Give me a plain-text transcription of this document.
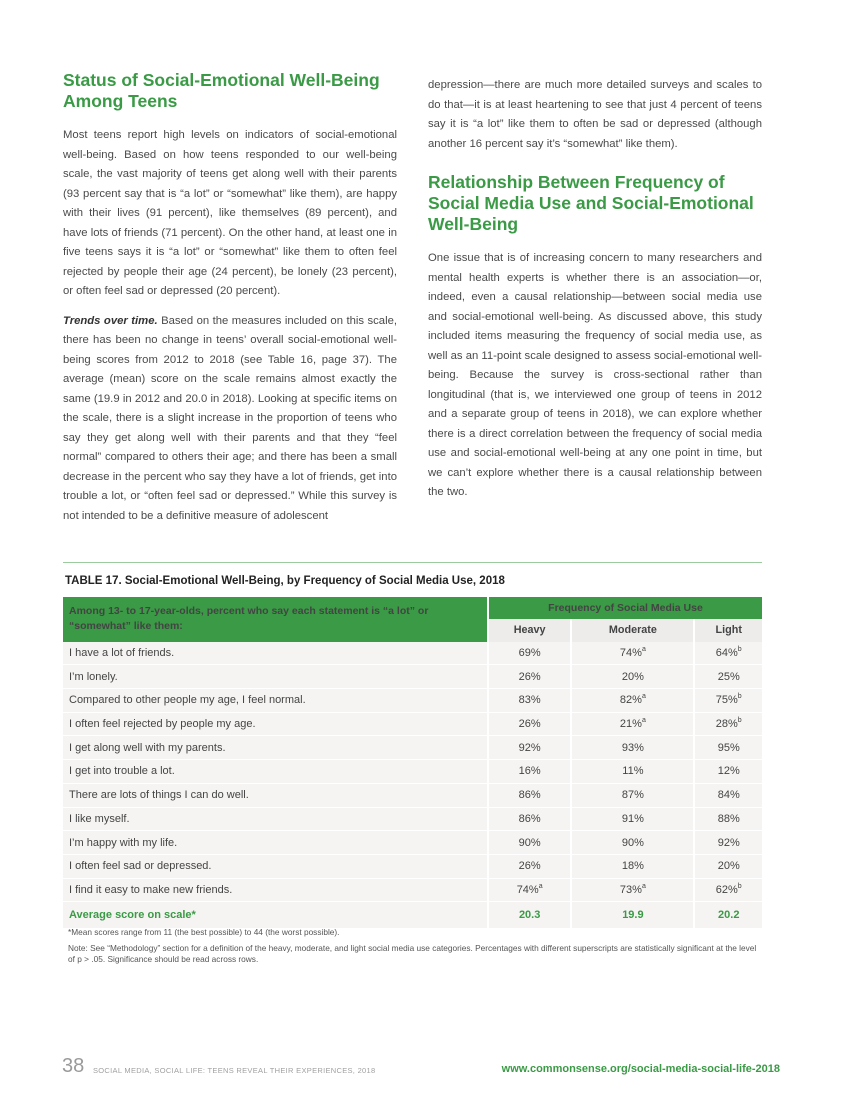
Status of Social-Emotional Well-Being Among Teens

Most teens report high levels on indicators of social-emotional well-being. Based on how teens responded to our well-being scale, the vast majority of teens get along well with their parents (93 percent say that is “a lot” or “somewhat” like them), are happy with their lives (91 percent), like themselves (89 percent), and have lots of friends (71 percent). On the other hand, at least one in five teens says it is “a lot” or “somewhat” like them to often feel rejected by people their age (24 percent), be lonely (23 percent), or often feel sad or depressed (20 percent).

Trends over time. Based on the measures included on this scale, there has been no change in teens’ overall social-emotional well-being scores from 2012 to 2018 (see Table 16, page 37). The average (mean) score on the scale remains almost exactly the same (19.9 in 2012 and 20.0 in 2018). Looking at specific items on the scale, there is a slight increase in the proportion of teens who say they get along well with their parents and that they “feel normal” compared to others their age; and there has been a small decrease in the percent who say they have a lot of friends, get into trouble a lot, or “often feel sad or depressed.” While this survey is not intended to be a definitive measure of adolescent

depression—there are much more detailed surveys and scales to do that—it is at least heartening to see that just 4 percent of teens say it is “a lot” like them to often be sad or depressed (although another 16 percent say it’s “somewhat” like them).

Relationship Between Frequency of Social Media Use and Social-Emotional Well-Being

One issue that is of increasing concern to many researchers and mental health experts is whether there is an association—or, indeed, even a causal relationship—between social media use and social-emotional well-being. As discussed above, this study included items measuring the frequency of social media use, as well as an 11-point scale designed to assess social-emotional well-being. Because the survey is cross-sectional rather than longitudinal (that is, we interviewed one group of teens in 2012 and a separate group of teens in 2018), we can explore whether there is a direct correlation between the frequency of social media use and social-emotional well-being at any one point in time, but we can’t explore whether there is a causal relationship between the two.

TABLE 17. Social-Emotional Well-Being, by Frequency of Social Media Use, 2018
Among 13- to 17-year-olds, percent who say each statement is “a lot” or “somewhat” like them:	Frequency of Social Media Use		
	Heavy	Moderate	Light
I have a lot of friends.	69%	74%$^a$	64%$^b$
I’m lonely.	26%	20%	25%
Compared to other people my age, I feel normal.	83%	82%$^a$	75%$^b$
I often feel rejected by people my age.	26%	21%$^a$	28%$^b$
I get along well with my parents.	92%	93%	95%
I get into trouble a lot.	16%	11%	12%
There are lots of things I can do well.	86%	87%	84%
I like myself.	86%	91%	88%
I’m happy with my life.	90%	90%	92%
I often feel sad or depressed.	26%	18%	20%
I find it easy to make new friends.	74%$^a$	73%$^a$	62%$^b$
Average score on scale*	20.3	19.9	20.2

*Mean scores range from 11 (the best possible) to 44 (the worst possible).

Note: See “Methodology” section for a definition of the heavy, moderate, and light social media use categories. Percentages with different superscripts are statistically significant at the level of p > .05. Significance should be read across rows.

38 SOCIAL MEDIA, SOCIAL LIFE: TEENS REVEAL THEIR EXPERIENCES, 2018	www.commonsense.org/social-media-social-life-2018
